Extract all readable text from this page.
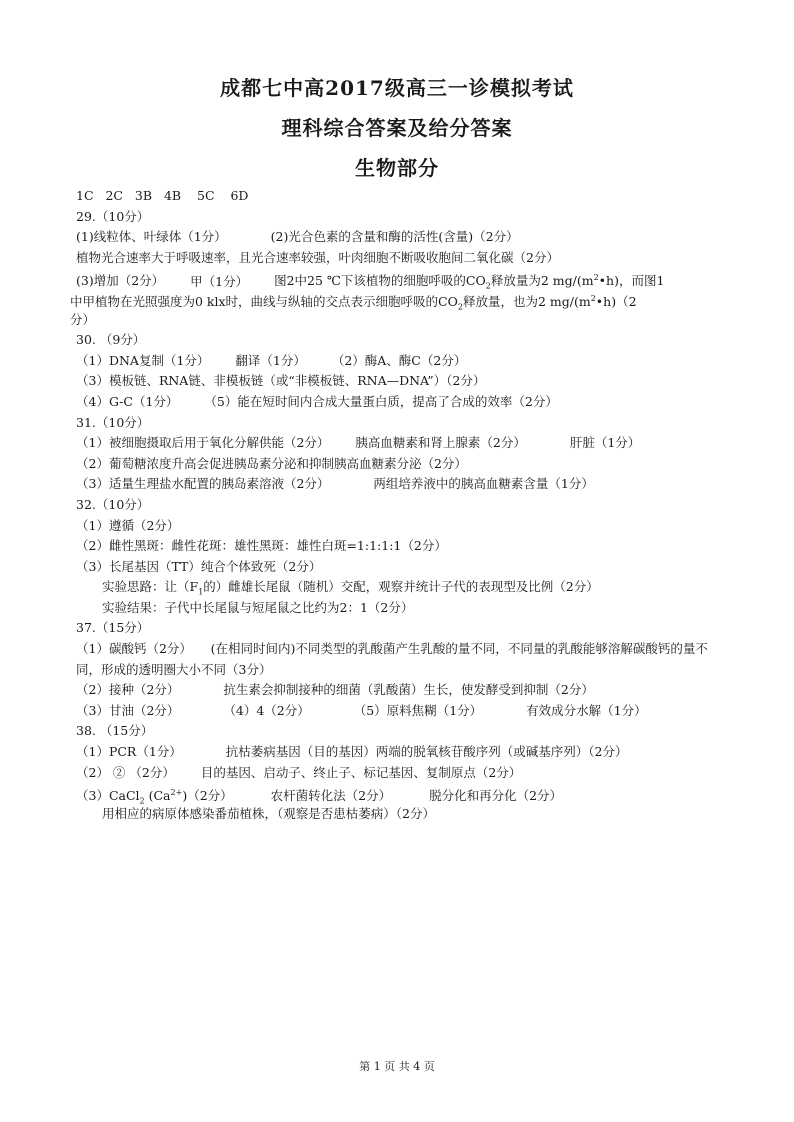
成都七中高2017级高三一诊模拟考试
理科综合答案及给分答案
生物部分
1C 2C 3B 4B 5C 6D
29.（10分）
(1)线粒体、叶绿体（1分）	(2)光合色素的含量和酶的活性(含量)（2分）
植物光合速率大于呼吸速率，且光合速率较强，叶肉细胞不断吸收胞间二氧化碳（2分）
(3)增加（2分） 甲（1分） 图2中25 ℃下该植物的细胞呼吸的$CO_2$释放量为2 $mg/(m^2•h)$，而图1
中甲植物在光照强度为0 klx时，曲线与纵轴的交点表示细胞呼吸的$CO_2$释放量，也为2 $mg/(m^2•h)(2$
分）
30. （9分）
（1）DNA复制（1分） 翻译（1分） （2）酶A、酶C（2分）
（3）模板链、RNA链、非模板链（或“非模板链、RNA—DNA”）（2分）
（4）G-C（1分） （5）能在短时间内合成大量蛋白质，提高了合成的效率（2分）
31.（10分）
（1）被细胞摄取后用于氧化分解供能（2分） 胰高血糖素和肾上腺素（2分）	肝脏（1分）
（2）葡萄糖浓度升高会促进胰岛素分泌和抑制胰高血糖素分泌（2分）
（3）适量生理盐水配置的胰岛素溶液（2分）	两组培养液中的胰高血糖素含量（1分）
32.（10分）
（1）遵循（2分）
（2）雌性黑斑：雌性花斑：雄性黑斑：雄性白斑=1:1:1:1（2分）
（3）长尾基因（TT）纯合个体致死（2分）
实验思路：让（$F_1$的）雌雄长尾鼠（随机）交配，观察并统计子代的表现型及比例（2分）
实验结果：子代中长尾鼠与短尾鼠之比约为2：1（2分）
37.（15分）
（1）碳酸钙（2分）　　(在相同时间内)不同类型的乳酸菌产生乳酸的量不同，不同量的乳酸能够溶解碳酸钙的量不同，形成的透明圈大小不同（3分）
（2）接种（2分）	抗生素会抑制接种的细菌（乳酸菌）生长，使发酵受到抑制（2分）
（3）甘油（2分）	（4）4（2分）	（5）原料焦糊（1分）	有效成分水解（1分）
38. （15分）
（1）PCR（1分）	抗枯萎病基因（目的基因）两端的脱氧核苷酸序列（或碱基序列）（2分）
（2） ② （2分） 目的基因、启动子、终止子、标记基因、复制原点（2分）
（3）CaCl$_2$ $(Ca^{2+})(2$分）	农杆菌转化法（2分）	脱分化和再分化（2分）
用相应的病原体感染番茄植株，（观察是否患枯萎病）（2分）
第 1 页 共 4 页
